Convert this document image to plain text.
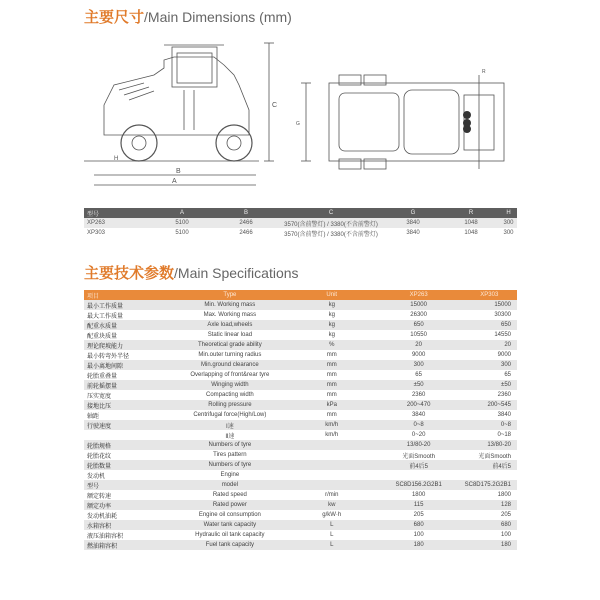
主要尺寸/Main Dimensions (mm)
B
A
C
H
G
R
型号	A	B	C	G	R	H
XP263	5100	2466	3570(含前警灯) / 3380(不含前警灯)	3840	1048	300
XP303	5100	2466	3570(含前警灯) / 3380(不含前警灯)	3840	1048	300
主要技术参数/Main Specifications
项目	Type	Unit	XP263	XP303
最小工作质量	Min. Working mass	kg	15000	15000
最大工作质量	Max. Working mass	kg	26300	30300
配重水质量	Axle load,wheels	kg	650	650
配重块质量	Static linear load	kg	10550	14550
理论爬坡能力	Theoretical grade ability	%	20	20
最小转弯外半径	Min.outer turning radius	mm	9000	9000
最小离地间隙	Min.ground clearance	mm	300	300
轮胎重叠量	Overlapping of front&rear tyre	mm	65	65
前轮摇摆量	Winging width	mm	±50	±50
压实宽度	Compacting width	mm	2360	2360
接地比压	Rolling pressure	kPa	200~470	200~545
轴距	Centrifugal force(High/Low)	mm	3840	3840
行驶速度	Ⅰ速	km/h	0~8	0~8
	Ⅱ速	km/h	0~20	0~18
轮胎规格	Numbers of tyre		13/80-20	13/80-20
轮胎花纹	Tires pattern		光面Smooth	光面Smooth
轮胎数量	Numbers of tyre		前4后5	前4后5
发动机	Engine			
型号	model		SC8D156.2G2B1	SC8D175.2G2B1
额定转速	Rated speed	r/min	1800	1800
额定功率	Rated power	kw	115	128
发动机油耗	Engine oil consumption	g/kW·h	205	205
水箱容积	Water tank capacity	L	680	680
液压油箱容积	Hydraulic oil tank capacity	L	100	100
燃油箱容积	Fuel tank capacity	L	180	180
